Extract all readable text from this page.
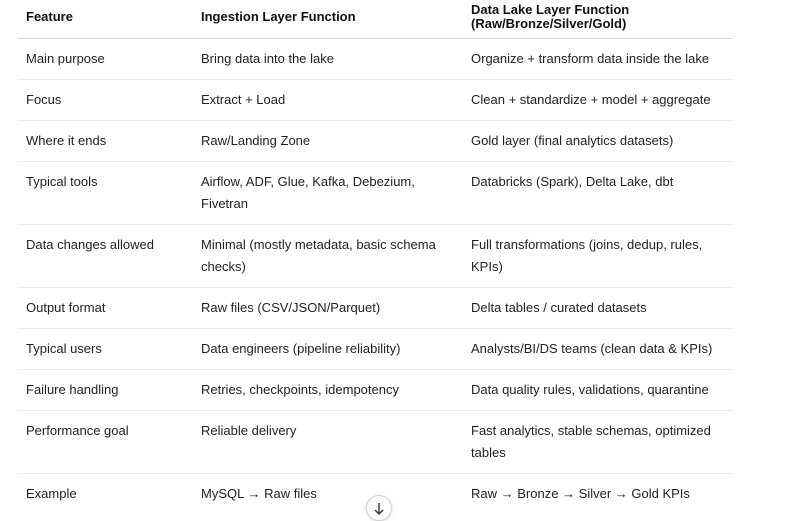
Feature	Ingestion Layer Function	Data Lake Layer Function
(Raw/Bronze/Silver/Gold)
Main purpose	Bring data into the lake	Organize + transform data inside the lake
Focus	Extract + Load	Clean + standardize + model + aggregate
Where it ends	Raw/Landing Zone	Gold layer (final analytics datasets)
Typical tools	Airflow, ADF, Glue, Kafka, Debezium, Fivetran	Databricks (Spark), Delta Lake, dbt
Data changes allowed	Minimal (mostly metadata, basic schema checks)	Full transformations (joins, dedup, rules, KPIs)
Output format	Raw files (CSV/JSON/Parquet)	Delta tables / curated datasets
Typical users	Data engineers (pipeline reliability)	Analysts/BI/DS teams (clean data & KPIs)
Failure handling	Retries, checkpoints, idempotency	Data quality rules, validations, quarantine
Performance goal	Reliable delivery	Fast analytics, stable schemas, optimized tables
Example	MySQL → Raw files	Raw → Bronze → Silver → Gold KPIs
